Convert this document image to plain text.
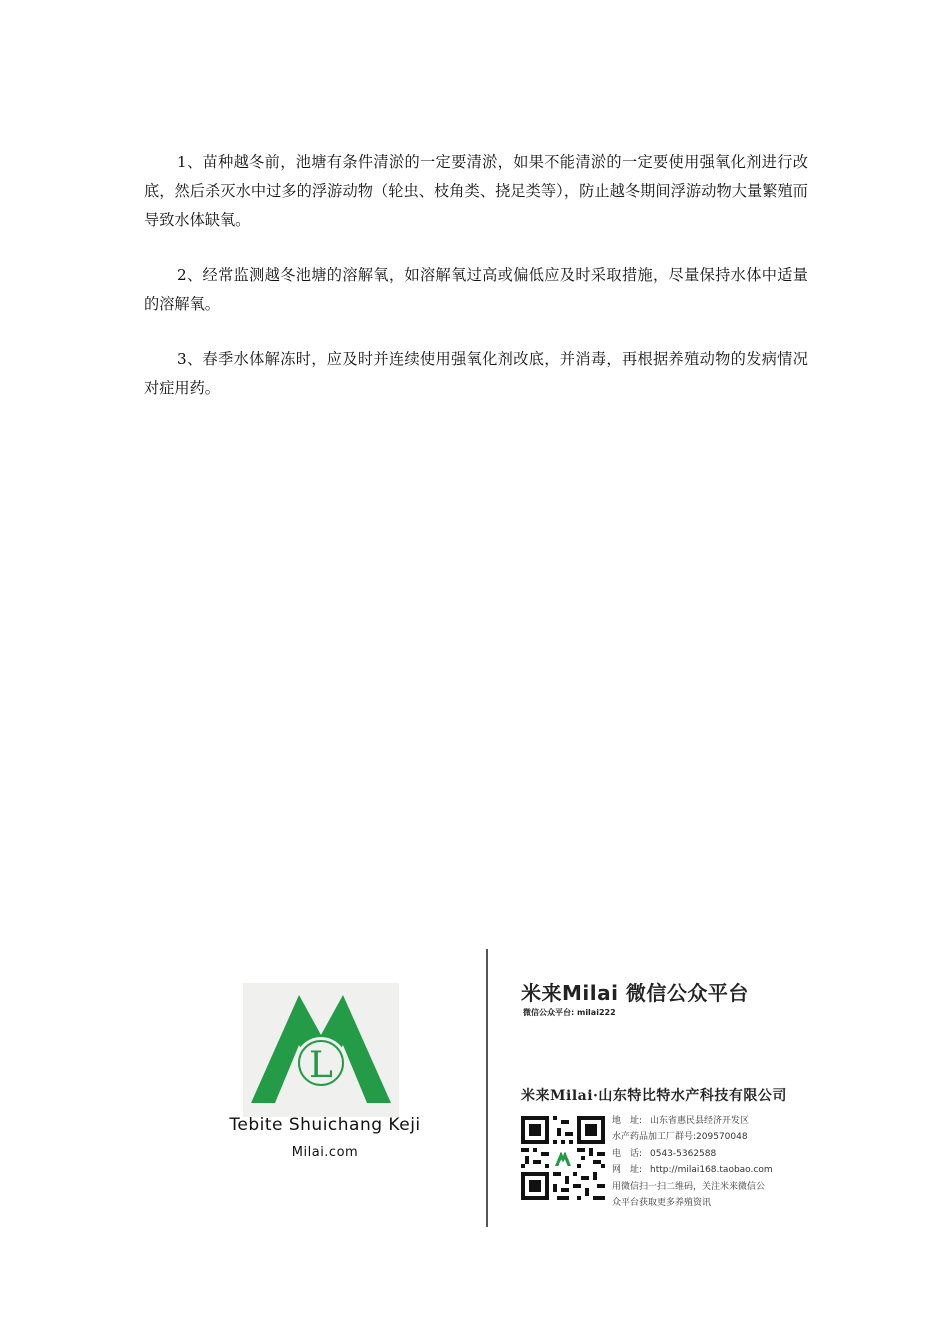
1、苗种越冬前，池塘有条件清淤的一定要清淤，如果不能清淤的一定要使用强氧化剂进行改底，然后杀灭水中过多的浮游动物（轮虫、枝角类、挠足类等），防止越冬期间浮游动物大量繁殖而导致水体缺氧。

2、经常监测越冬池塘的溶解氧，如溶解氧过高或偏低应及时采取措施，尽量保持水体中适量的溶解氧。

3、春季水体解冻时，应及时并连续使用强氧化剂改底，并消毒，再根据养殖动物的发病情况对症用药。

L
Tebite Shuichang Keji
Milai.com
米来Milai 微信公众平台
微信公众平台: milai222
米来Milai·山东特比特水产科技有限公司
地　址: 山东省惠民县经济开发区
水产药品加工厂群号:209570048
电　话: 0543-5362588
网　址: http://milai168.taobao.com
用微信扫一扫二维码，关注米来微信公
众平台获取更多养殖资讯
